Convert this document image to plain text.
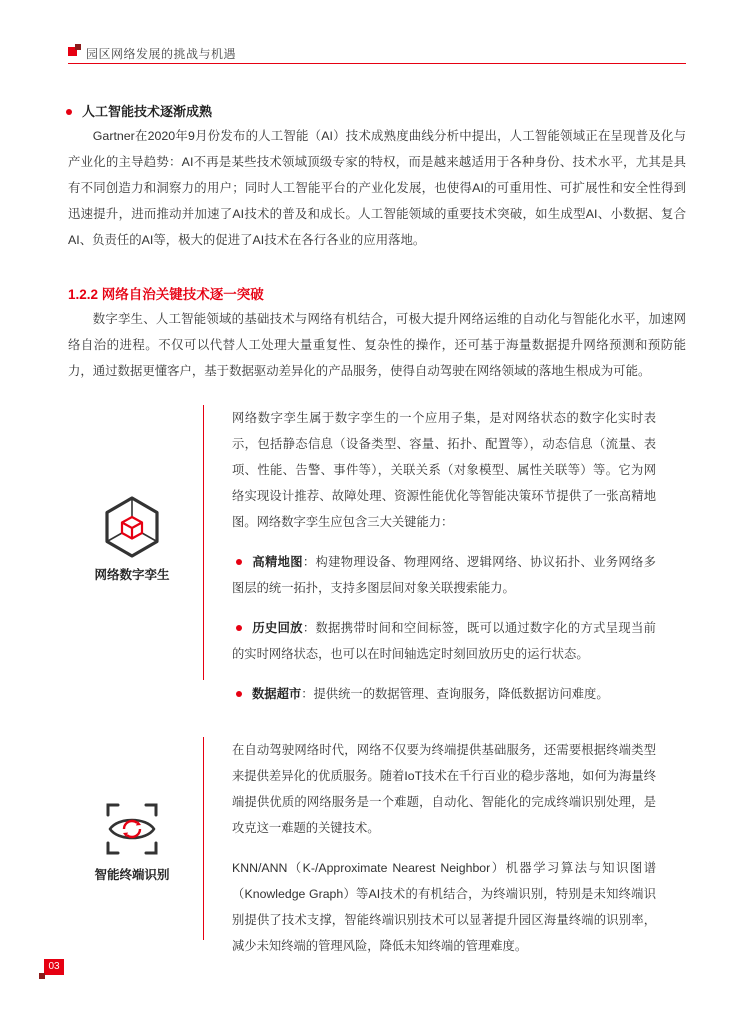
园区网络发展的挑战与机遇
人工智能技术逐渐成熟
Gartner在2020年9月份发布的人工智能（AI）技术成熟度曲线分析中提出，人工智能领域正在呈现普及化与产业化的主导趋势：AI不再是某些技术领域顶级专家的特权，而是越来越适用于各种身份、技术水平，尤其是具有不同创造力和洞察力的用户；同时人工智能平台的产业化发展，也使得AI的可重用性、可扩展性和安全性得到迅速提升，进而推动并加速了AI技术的普及和成长。人工智能领域的重要技术突破，如生成型AI、小数据、复合AI、负责任的AI等，极大的促进了AI技术在各行各业的应用落地。
1.2.2 网络自治关键技术逐一突破
数字孪生、人工智能领域的基础技术与网络有机结合，可极大提升网络运维的自动化与智能化水平，加速网络自治的进程。不仅可以代替人工处理大量重复性、复杂性的操作，还可基于海量数据提升网络预测和预防能力，通过数据更懂客户，基于数据驱动差异化的产品服务，使得自动驾驶在网络领域的落地生根成为可能。
网络数字孪生

网络数字孪生属于数字孪生的一个应用子集，是对网络状态的数字化实时表示，包括静态信息（设备类型、容量、拓扑、配置等），动态信息（流量、表项、性能、告警、事件等），关联关系（对象模型、属性关联等）等。它为网络实现设计推荐、故障处理、资源性能优化等智能决策环节提供了一张高精地图。网络数字孪生应包含三大关键能力：

高精地图：构建物理设备、物理网络、逻辑网络、协议拓扑、业务网络多图层的统一拓扑，支持多图层间对象关联搜索能力。

历史回放：数据携带时间和空间标签，既可以通过数字化的方式呈现当前的实时网络状态，也可以在时间轴选定时刻回放历史的运行状态。

数据超市：提供统一的数据管理、查询服务，降低数据访问难度。

智能终端识别

在自动驾驶网络时代，网络不仅要为终端提供基础服务，还需要根据终端类型来提供差异化的优质服务。随着IoT技术在千行百业的稳步落地，如何为海量终端提供优质的网络服务是一个难题，自动化、智能化的完成终端识别处理，是攻克这一难题的关键技术。

KNN/ANN（K-/Approximate Nearest Neighbor）机器学习算法与知识图谱（Knowledge Graph）等AI技术的有机结合，为终端识别，特别是未知终端识别提供了技术支撑，智能终端识别技术可以显著提升园区海量终端的识别率，减少未知终端的管理风险，降低未知终端的管理难度。

03
